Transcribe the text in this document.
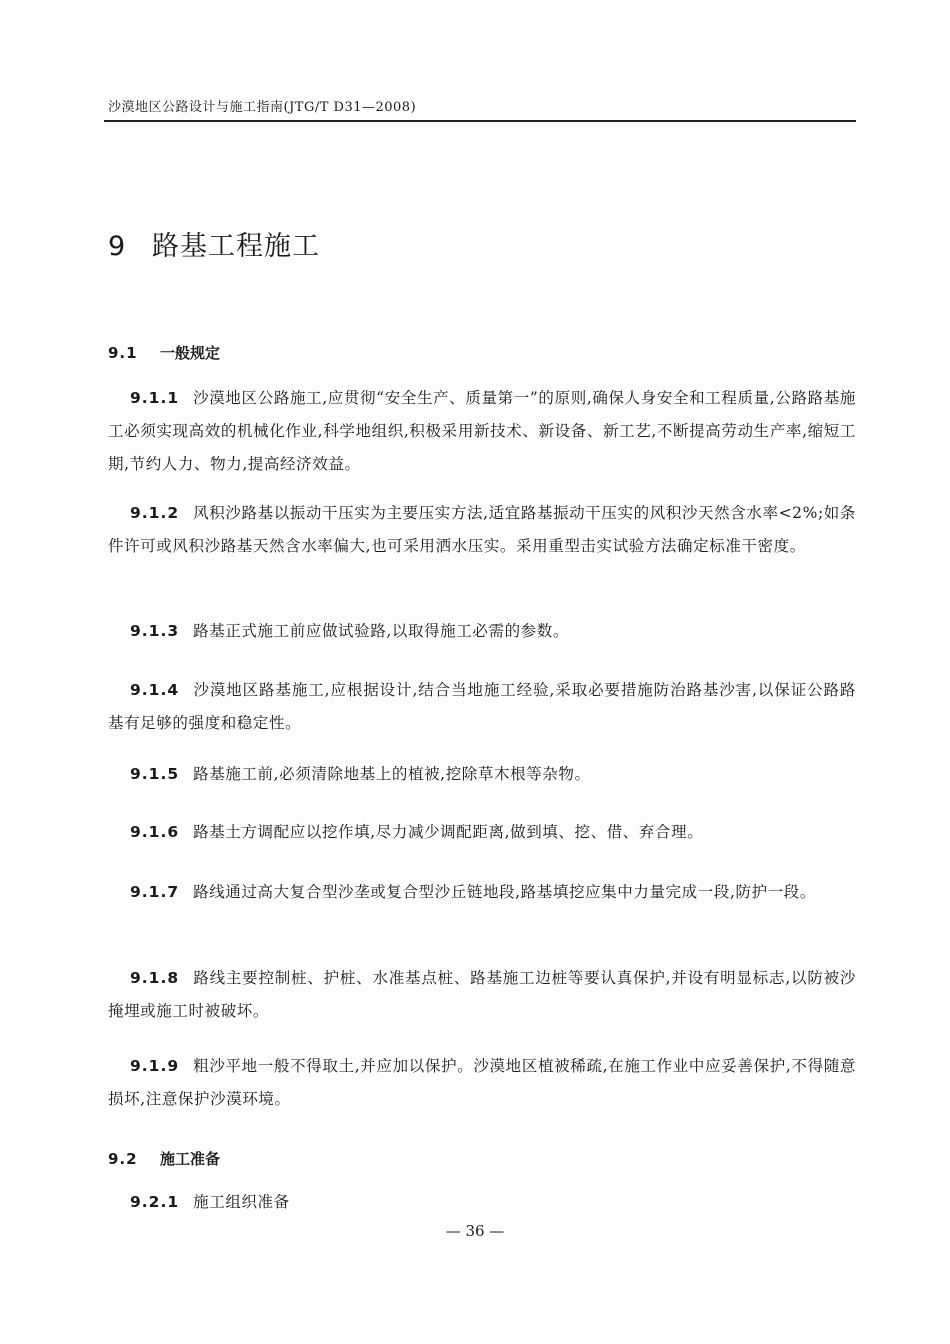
沙漠地区公路设计与施工指南(JTG/T D31—2008)
9 路基工程施工
9.1 一般规定
9.1.1 沙漠地区公路施工,应贯彻“安全生产、质量第一”的原则,确保人身安全和工程质量,公路路基施工必须实现高效的机械化作业,科学地组织,积极采用新技术、新设备、新工艺,不断提高劳动生产率,缩短工期,节约人力、物力,提高经济效益。
9.1.2 风积沙路基以振动干压实为主要压实方法,适宜路基振动干压实的风积沙天然含水率<2%;如条件许可或风积沙路基天然含水率偏大,也可采用洒水压实。采用重型击实试验方法确定标准干密度。
9.1.3 路基正式施工前应做试验路,以取得施工必需的参数。
9.1.4 沙漠地区路基施工,应根据设计,结合当地施工经验,采取必要措施防治路基沙害,以保证公路路基有足够的强度和稳定性。
9.1.5 路基施工前,必须清除地基上的植被,挖除草木根等杂物。
9.1.6 路基土方调配应以挖作填,尽力减少调配距离,做到填、挖、借、弃合理。
9.1.7 路线通过高大复合型沙垄或复合型沙丘链地段,路基填挖应集中力量完成一段,防护一段。
9.1.8 路线主要控制桩、护桩、水准基点桩、路基施工边桩等要认真保护,并设有明显标志,以防被沙掩埋或施工时被破坏。
9.1.9 粗沙平地一般不得取土,并应加以保护。沙漠地区植被稀疏,在施工作业中应妥善保护,不得随意损坏,注意保护沙漠环境。
9.2 施工准备
9.2.1 施工组织准备
— 36 —
